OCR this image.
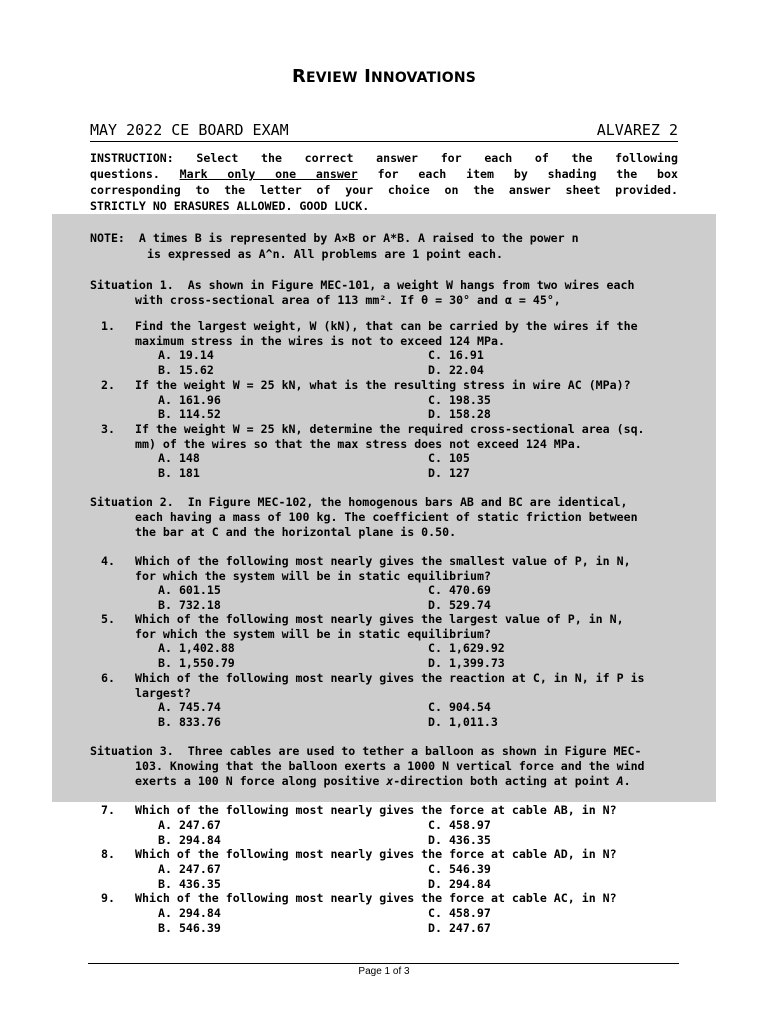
REVIEW INNOVATIONS
MAY 2022 CE BOARD EXAM	ALVAREZ 2
INSTRUCTION: Select the correct answer for each of the following
questions. Mark only one answer for each item by shading the box
corresponding to the letter of your choice on the answer sheet provided.
STRICTLY NO ERASURES ALLOWED. GOOD LUCK.
NOTE:  A times B is represented by A×B or A*B. A raised to the power n
is expressed as A^n. All problems are 1 point each.
Situation 1.  As shown in Figure MEC-101, a weight W hangs from two wires each
with cross-sectional area of 113 mm². If θ = 30° and α = 45°,
1. Find the largest weight, W (kN), that can be carried by the wires if the
maximum stress in the wires is not to exceed 124 MPa.
A. 19.14	C. 16.91
B. 15.62	D. 22.04
2. If the weight W = 25 kN, what is the resulting stress in wire AC (MPa)?
A. 161.96	C. 198.35
B. 114.52	D. 158.28
3. If the weight W = 25 kN, determine the required cross-sectional area (sq.
mm) of the wires so that the max stress does not exceed 124 MPa.
A. 148	C. 105
B. 181	D. 127
Situation 2.  In Figure MEC-102, the homogenous bars AB and BC are identical,
each having a mass of 100 kg. The coefficient of static friction between
the bar at C and the horizontal plane is 0.50.
4. Which of the following most nearly gives the smallest value of P, in N,
for which the system will be in static equilibrium?
A. 601.15	C. 470.69
B. 732.18	D. 529.74
5. Which of the following most nearly gives the largest value of P, in N,
for which the system will be in static equilibrium?
A. 1,402.88	C. 1,629.92
B. 1,550.79	D. 1,399.73
6. Which of the following most nearly gives the reaction at C, in N, if P is
largest?
A. 745.74	C. 904.54
B. 833.76	D. 1,011.3
Situation 3.  Three cables are used to tether a balloon as shown in Figure MEC-
103. Knowing that the balloon exerts a 1000 N vertical force and the wind
exerts a 100 N force along positive x-direction both acting at point A.
7. Which of the following most nearly gives the force at cable AB, in N?
A. 247.67	C. 458.97
B. 294.84	D. 436.35
8. Which of the following most nearly gives the force at cable AD, in N?
A. 247.67	C. 546.39
B. 436.35	D. 294.84
9. Which of the following most nearly gives the force at cable AC, in N?
A. 294.84	C. 458.97
B. 546.39	D. 247.67
Page 1 of 3
